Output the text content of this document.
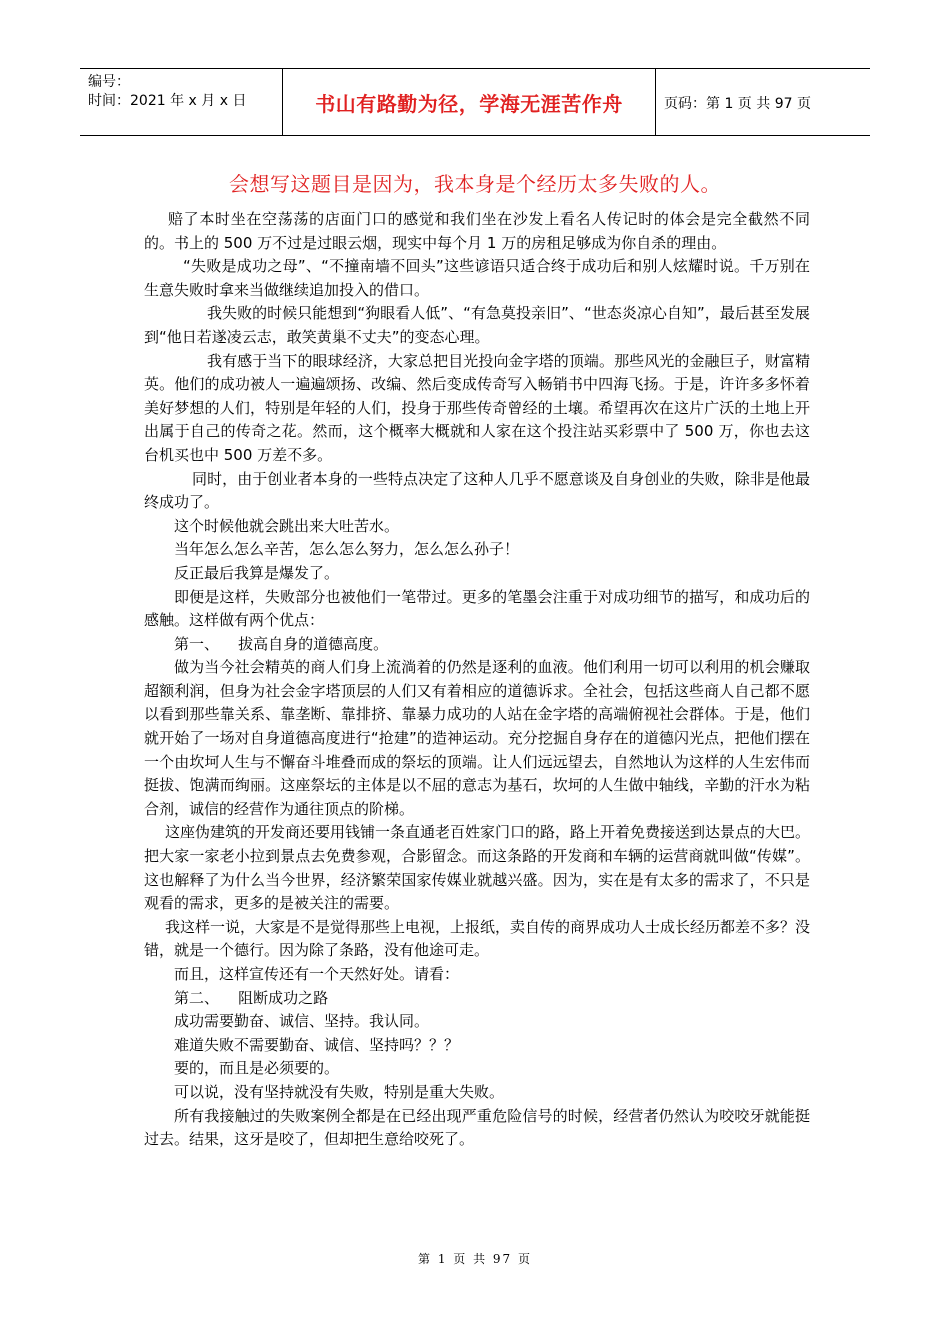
编号：
时间：2021 年 x 月 x 日	书山有路勤为径，学海无涯苦作舟	页码：第 1 页 共 97 页
会想写这题目是因为，我本身是个经历太多失败的人。

赔了本时坐在空荡荡的店面门口的感觉和我们坐在沙发上看名人传记时的体会是完全截然不同的。书上的 500 万不过是过眼云烟，现实中每个月 1 万的房租足够成为你自杀的理由。

“失败是成功之母”、“不撞南墙不回头”这些谚语只适合终于成功后和别人炫耀时说。千万别在生意失败时拿来当做继续追加投入的借口。

我失败的时候只能想到“狗眼看人低”、“有急莫投亲旧”、“世态炎凉心自知”，最后甚至发展到“他日若遂凌云志，敢笑黄巢不丈夫”的变态心理。

我有感于当下的眼球经济，大家总把目光投向金字塔的顶端。那些风光的金融巨子，财富精英。他们的成功被人一遍遍颂扬、改编、然后变成传奇写入畅销书中四海飞扬。于是，许许多多怀着美好梦想的人们，特别是年轻的人们，投身于那些传奇曾经的土壤。希望再次在这片广沃的土地上开出属于自己的传奇之花。然而，这个概率大概就和人家在这个投注站买彩票中了 500 万，你也去这台机买也中 500 万差不多。

同时，由于创业者本身的一些特点决定了这种人几乎不愿意谈及自身创业的失败，除非是他最终成功了。

这个时候他就会跳出来大吐苦水。

当年怎么怎么辛苦，怎么怎么努力，怎么怎么孙子！

反正最后我算是爆发了。

即便是这样，失败部分也被他们一笔带过。更多的笔墨会注重于对成功细节的描写，和成功后的感触。这样做有两个优点：

第一、    拔高自身的道德高度。

做为当今社会精英的商人们身上流淌着的仍然是逐利的血液。他们利用一切可以利用的机会赚取超额利润，但身为社会金字塔顶层的人们又有着相应的道德诉求。全社会，包括这些商人自己都不愿以看到那些靠关系、靠垄断、靠排挤、靠暴力成功的人站在金字塔的高端俯视社会群体。于是，他们就开始了一场对自身道德高度进行“抢建”的造神运动。充分挖掘自身存在的道德闪光点，把他们摆在一个由坎坷人生与不懈奋斗堆叠而成的祭坛的顶端。让人们远远望去，自然地认为这样的人生宏伟而挺拔、饱满而绚丽。这座祭坛的主体是以不屈的意志为基石，坎坷的人生做中轴线，辛勤的汗水为粘合剂，诚信的经营作为通往顶点的阶梯。

这座伪建筑的开发商还要用钱铺一条直通老百姓家门口的路，路上开着免费接送到达景点的大巴。把大家一家老小拉到景点去免费参观，合影留念。而这条路的开发商和车辆的运营商就叫做“传媒”。这也解释了为什么当今世界，经济繁荣国家传媒业就越兴盛。因为，实在是有太多的需求了，不只是观看的需求，更多的是被关注的需要。

我这样一说，大家是不是觉得那些上电视，上报纸，卖自传的商界成功人士成长经历都差不多？没错，就是一个德行。因为除了条路，没有他途可走。

而且，这样宣传还有一个天然好处。请看：

第二、    阻断成功之路

成功需要勤奋、诚信、坚持。我认同。

难道失败不需要勤奋、诚信、坚持吗？？？

要的，而且是必须要的。

可以说，没有坚持就没有失败，特别是重大失败。

所有我接触过的失败案例全都是在已经出现严重危险信号的时候，经营者仍然认为咬咬牙就能挺过去。结果，这牙是咬了，但却把生意给咬死了。

第 1 页 共 97 页
